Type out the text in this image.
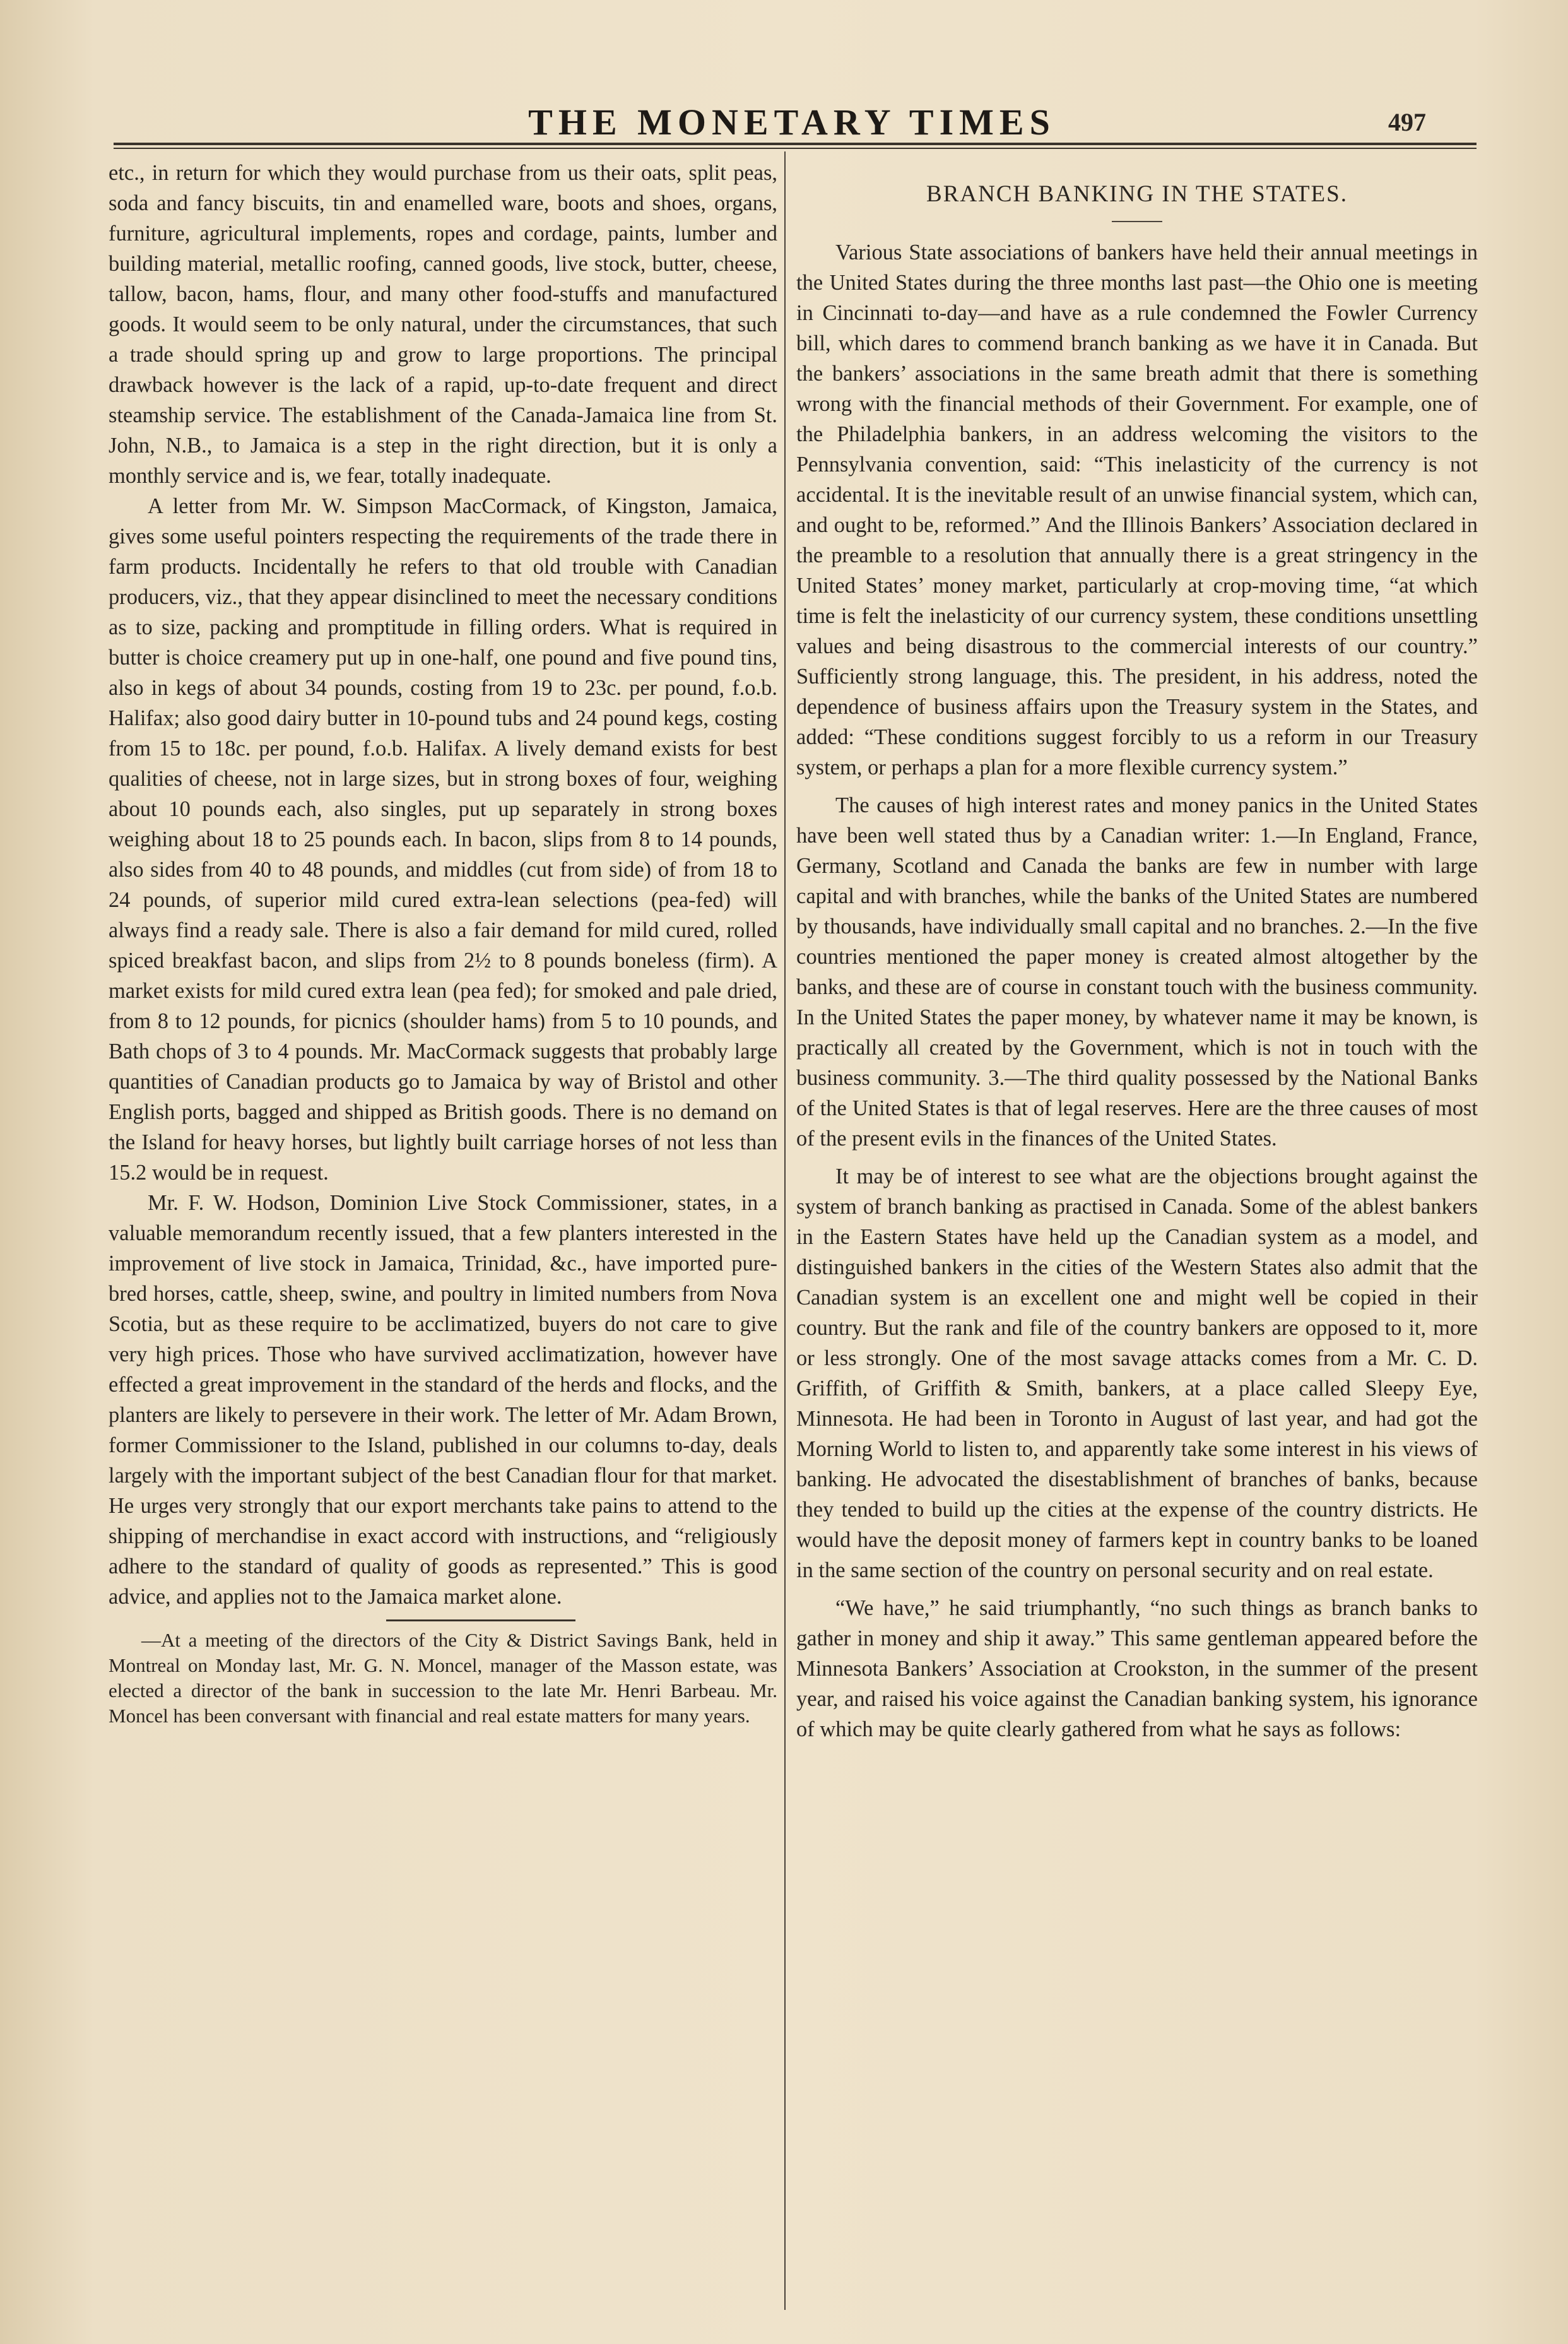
THE MONETARY TIMES	497

etc., in return for which they would purchase from us their oats, split peas, soda and fancy biscuits, tin and enamelled ware, boots and shoes, organs, furniture, agricultural implements, ropes and cordage, paints, lumber and building material, metallic roofing, canned goods, live stock, butter, cheese, tallow, bacon, hams, flour, and many other food-stuffs and manufactured goods. It would seem to be only natural, under the circumstances, that such a trade should spring up and grow to large proportions. The principal drawback however is the lack of a rapid, up-to-date frequent and direct steamship service. The establishment of the Canada-Jamaica line from St. John, N.B., to Jamaica is a step in the right direction, but it is only a monthly service and is, we fear, totally inadequate.

A letter from Mr. W. Simpson MacCormack, of Kingston, Jamaica, gives some useful pointers respecting the requirements of the trade there in farm products. Incidentally he refers to that old trouble with Canadian producers, viz., that they appear disinclined to meet the necessary conditions as to size, packing and promptitude in filling orders. What is required in butter is choice creamery put up in one-half, one pound and five pound tins, also in kegs of about 34 pounds, costing from 19 to 23c. per pound, f.o.b. Halifax; also good dairy butter in 10-pound tubs and 24 pound kegs, costing from 15 to 18c. per pound, f.o.b. Halifax. A lively demand exists for best qualities of cheese, not in large sizes, but in strong boxes of four, weighing about 10 pounds each, also singles, put up separately in strong boxes weighing about 18 to 25 pounds each. In bacon, slips from 8 to 14 pounds, also sides from 40 to 48 pounds, and middles (cut from side) of from 18 to 24 pounds, of superior mild cured extra-lean selections (pea-fed) will always find a ready sale. There is also a fair demand for mild cured, rolled spiced breakfast bacon, and slips from 2½ to 8 pounds boneless (firm). A market exists for mild cured extra lean (pea fed); for smoked and pale dried, from 8 to 12 pounds, for picnics (shoulder hams) from 5 to 10 pounds, and Bath chops of 3 to 4 pounds. Mr. MacCormack suggests that probably large quantities of Canadian products go to Jamaica by way of Bristol and other English ports, bagged and shipped as British goods. There is no demand on the Island for heavy horses, but lightly built carriage horses of not less than 15.2 would be in request.

Mr. F. W. Hodson, Dominion Live Stock Commissioner, states, in a valuable memorandum recently issued, that a few planters interested in the improvement of live stock in Jamaica, Trinidad, &c., have imported pure-bred horses, cattle, sheep, swine, and poultry in limited numbers from Nova Scotia, but as these require to be acclimatized, buyers do not care to give very high prices. Those who have survived acclimatization, however have effected a great improvement in the standard of the herds and flocks, and the planters are likely to persevere in their work. The letter of Mr. Adam Brown, former Commissioner to the Island, published in our columns to-day, deals largely with the important subject of the best Canadian flour for that market. He urges very strongly that our export merchants take pains to attend to the shipping of merchandise in exact accord with instructions, and “religiously adhere to the standard of quality of goods as represented.” This is good advice, and applies not to the Jamaica market alone.

—At a meeting of the directors of the City & District Savings Bank, held in Montreal on Monday last, Mr. G. N. Moncel, manager of the Masson estate, was elected a director of the bank in succession to the late Mr. Henri Barbeau. Mr. Moncel has been conversant with financial and real estate matters for many years.

BRANCH BANKING IN THE STATES.

Various State associations of bankers have held their annual meetings in the United States during the three months last past—the Ohio one is meeting in Cincinnati to-day—and have as a rule condemned the Fowler Currency bill, which dares to commend branch banking as we have it in Canada. But the bankers’ associations in the same breath admit that there is something wrong with the financial methods of their Government. For example, one of the Philadelphia bankers, in an address welcoming the visitors to the Pennsylvania convention, said: “This inelasticity of the currency is not accidental. It is the inevitable result of an unwise financial system, which can, and ought to be, reformed.” And the Illinois Bankers’ Association declared in the preamble to a resolution that annually there is a great stringency in the United States’ money market, particularly at crop-moving time, “at which time is felt the inelasticity of our currency system, these conditions unsettling values and being disastrous to the commercial interests of our country.” Sufficiently strong language, this. The president, in his address, noted the dependence of business affairs upon the Treasury system in the States, and added: “These conditions suggest forcibly to us a reform in our Treasury system, or perhaps a plan for a more flexible currency system.”

The causes of high interest rates and money panics in the United States have been well stated thus by a Canadian writer: 1.—In England, France, Germany, Scotland and Canada the banks are few in number with large capital and with branches, while the banks of the United States are numbered by thousands, have individually small capital and no branches. 2.—In the five countries mentioned the paper money is created almost altogether by the banks, and these are of course in constant touch with the business community. In the United States the paper money, by whatever name it may be known, is practically all created by the Government, which is not in touch with the business community. 3.—The third quality possessed by the National Banks of the United States is that of legal reserves. Here are the three causes of most of the present evils in the finances of the United States.

It may be of interest to see what are the objections brought against the system of branch banking as practised in Canada. Some of the ablest bankers in the Eastern States have held up the Canadian system as a model, and distinguished bankers in the cities of the Western States also admit that the Canadian system is an excellent one and might well be copied in their country. But the rank and file of the country bankers are opposed to it, more or less strongly. One of the most savage attacks comes from a Mr. C. D. Griffith, of Griffith & Smith, bankers, at a place called Sleepy Eye, Minnesota. He had been in Toronto in August of last year, and had got the Morning World to listen to, and apparently take some interest in his views of banking. He advocated the disestablishment of branches of banks, because they tended to build up the cities at the expense of the country districts. He would have the deposit money of farmers kept in country banks to be loaned in the same section of the country on personal security and on real estate.

“We have,” he said triumphantly, “no such things as branch banks to gather in money and ship it away.” This same gentleman appeared before the Minnesota Bankers’ Association at Crookston, in the summer of the present year, and raised his voice against the Canadian banking system, his ignorance of which may be quite clearly gathered from what he says as follows:
